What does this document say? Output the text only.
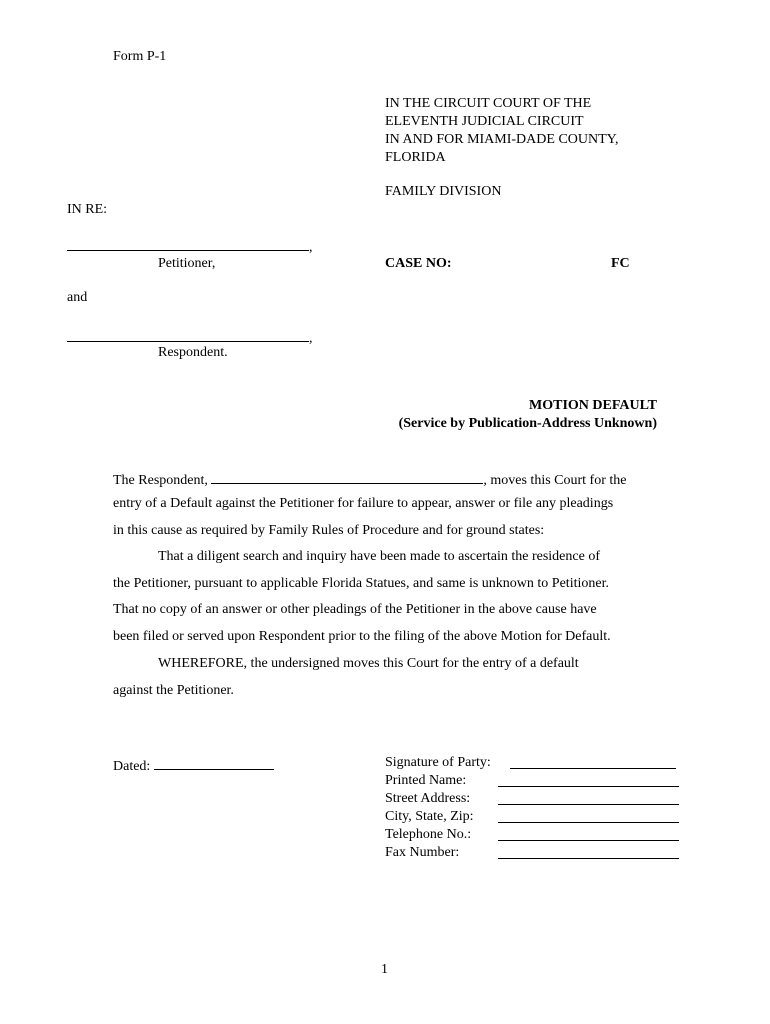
Form P-1
IN THE CIRCUIT COURT OF THE
ELEVENTH JUDICIAL CIRCUIT
IN AND FOR MIAMI-DADE COUNTY,
FLORIDA
FAMILY DIVISION
IN RE:
,
Petitioner,	CASE NO:	FC
and
,
Respondent.
MOTION DEFAULT
(Service by Publication-Address Unknown)
The Respondent,	, moves this Court for the
entry of a Default against the Petitioner for failure to appear, answer or file any pleadings
in this cause as required by Family Rules of Procedure and for ground states:
That a diligent search and inquiry have been made to ascertain the residence of
the Petitioner, pursuant to applicable Florida Statues, and same is unknown to Petitioner.
That no copy of an answer or other pleadings of the Petitioner in the above cause have
been filed or served upon Respondent prior to the filing of the above Motion for Default.
WHEREFORE, the undersigned moves this Court for the entry of a default
against the Petitioner.
Dated:	Signature of Party:
Printed Name:
Street Address:
City, State, Zip:
Telephone No.:
Fax Number:
1
